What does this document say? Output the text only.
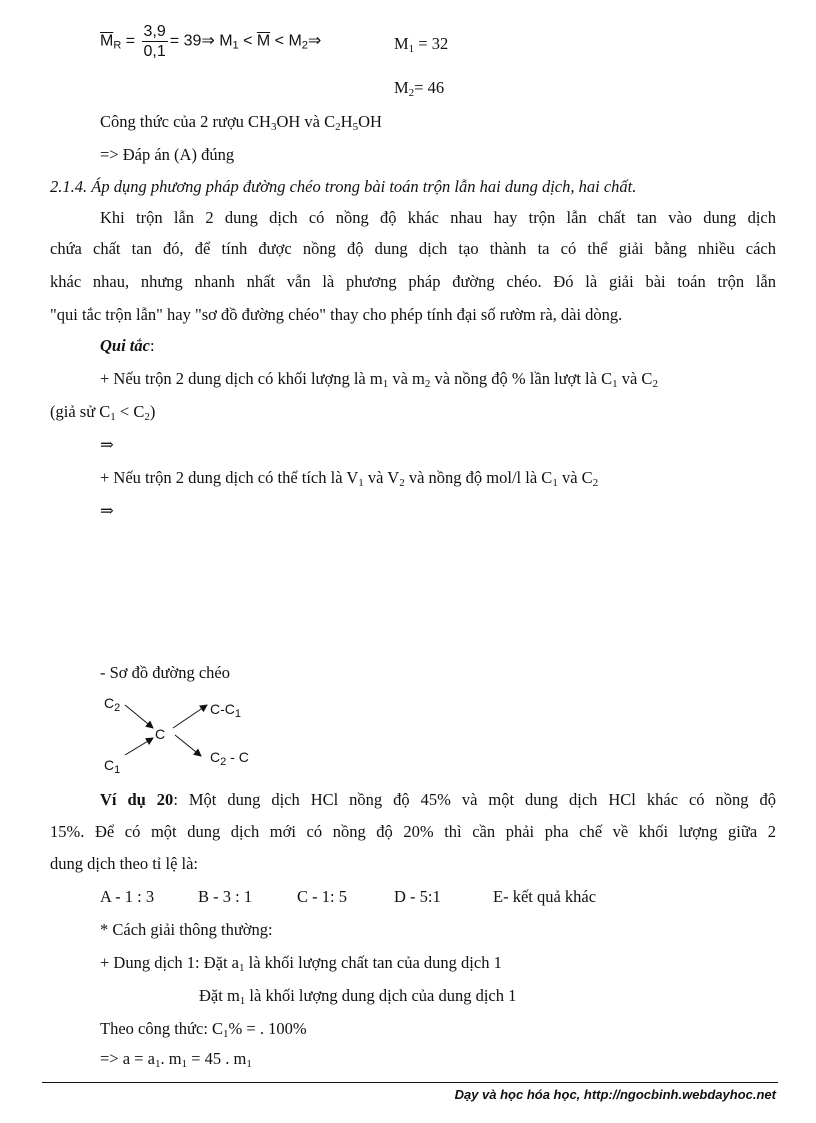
$\overline{M}_R = \frac{3,9}{0,1}$ = 39⇒ $M_1 < \overline{M}$ < $M_2\Rightarrow$	$M_1 = 32$
$M_2= 46$
Công thức của 2 rượu $CH_3OH$ và $C_2H_5OH$
=> Đáp án (A) đúng
2.1.4. Áp dụng phương pháp đường chéo trong bài toán trộn lẫn hai dung dịch, hai chất.
Khi trộn lẫn 2 dung dịch có nồng độ khác nhau hay trộn lẫn chất tan vào dung dịch
chứa chất tan đó, để tính được nồng độ dung dịch tạo thành ta có thể giải bằng nhiều cách
khác nhau, nhưng nhanh nhất vẫn là phương pháp đường chéo. Đó là giải bài toán trộn lẫn
"qui tắc trộn lẫn" hay "sơ đồ đường chéo" thay cho phép tính đại số rườm rà, dài dòng.
Qui tắc:
+ Nếu trộn 2 dung dịch có khối lượng là $m_1$ và $m_2$ và nồng độ % lần lượt là $C_1$ và $C_2$
(giả sử $C_1 < C_2$)
⇒
+ Nếu trộn 2 dung dịch có thể tích là $V_1$ và $V_2$ và nồng độ mol/l là $C_1$ và $C_2$
⇒
- Sơ đồ đường chéo
$C_2$
$C_1$
C
$C-C_1$
$C_2$ - C
Ví dụ 20: Một dung dịch HCl nồng độ 45% và một dung dịch HCl khác có nồng độ
15%. Để có một dung dịch mới có nồng độ 20% thì cần phải pha chế về khối lượng giữa 2
dung dịch theo tỉ lệ là:
A - 1 : 3	B - 3 : 1	C - 1: 5	D - 5:1	E- kết quả khác
* Cách giải thông thường:
+ Dung dịch 1: Đặt $a_1$ là khối lượng chất tan của dung dịch 1
Đặt $m_1$ là khối lượng dung dịch của dung dịch 1
Theo công thức: $C_1\%$ = . 100%
=> $a = a_1$. $m_1 = 45$ . $m_1$
Dạy và học hóa học, http://ngocbinh.webdayhoc.net
